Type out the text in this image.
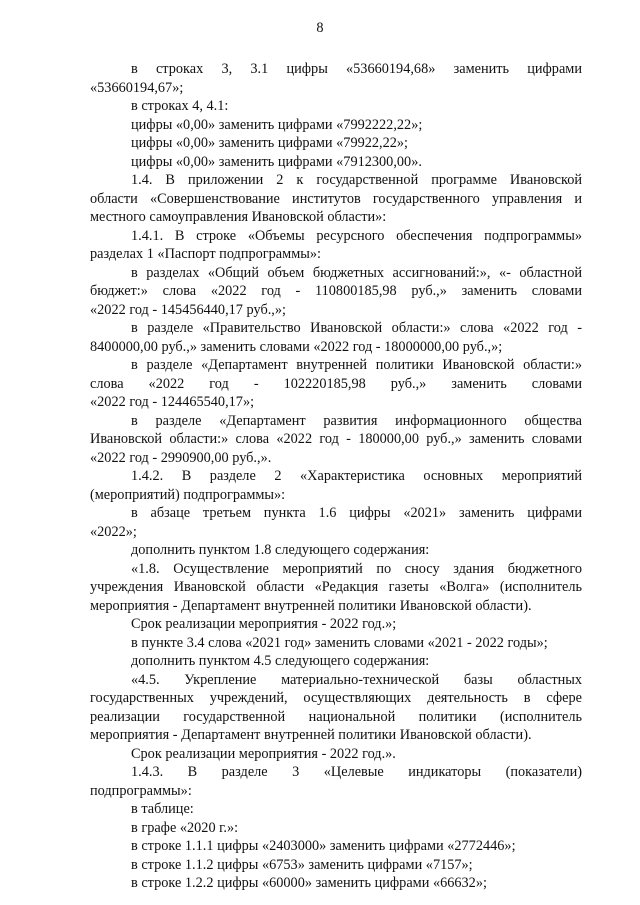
8
в строках 3, 3.1 цифры «53660194,68» заменить цифрами
«53660194,67»;
в строках 4, 4.1:
цифры «0,00» заменить цифрами «7992222,22»;
цифры «0,00» заменить цифрами «79922,22»;
цифры «0,00» заменить цифрами «7912300,00».
1.4. В приложении 2 к государственной программе Ивановской
области «Совершенствование институтов государственного управления и
местного самоуправления Ивановской области»:
1.4.1. В строке «Объемы ресурсного обеспечения подпрограммы»
разделах 1 «Паспорт подпрограммы»:
в разделах «Общий объем бюджетных ассигнований:», «- областной
бюджет:» слова «2022 год - 110800185,98 руб.,» заменить словами
«2022 год - 145456440,17 руб.,»;
в разделе «Правительство Ивановской области:» слова «2022 год -
8400000,00 руб.,» заменить словами «2022 год - 18000000,00 руб.,»;
в разделе «Департамент внутренней политики Ивановской области:»
слова «2022 год - 102220185,98 руб.,» заменить словами
«2022 год - 124465540,17»;
в разделе «Департамент развития информационного общества
Ивановской области:» слова «2022 год - 180000,00 руб.,» заменить словами
«2022 год - 2990900,00 руб.,».
1.4.2. В разделе 2 «Характеристика основных мероприятий
(мероприятий) подпрограммы»:
в абзаце третьем пункта 1.6 цифры «2021» заменить цифрами
«2022»;
дополнить пунктом 1.8 следующего содержания:
«1.8. Осуществление мероприятий по сносу здания бюджетного
учреждения Ивановской области «Редакция газеты «Волга» (исполнитель
мероприятия - Департамент внутренней политики Ивановской области).
Срок реализации мероприятия - 2022 год.»;
в пункте 3.4 слова «2021 год» заменить словами «2021 - 2022 годы»;
дополнить пунктом 4.5 следующего содержания:
«4.5. Укрепление материально-технической базы областных
государственных учреждений, осуществляющих деятельность в сфере
реализации государственной национальной политики (исполнитель
мероприятия - Департамент внутренней политики Ивановской области).
Срок реализации мероприятия - 2022 год.».
1.4.3. В разделе 3 «Целевые индикаторы (показатели)
подпрограммы»:
в таблице:
в графе «2020 г.»:
в строке 1.1.1 цифры «2403000» заменить цифрами «2772446»;
в строке 1.1.2 цифры «6753» заменить цифрами «7157»;
в строке 1.2.2 цифры «60000» заменить цифрами «66632»;
